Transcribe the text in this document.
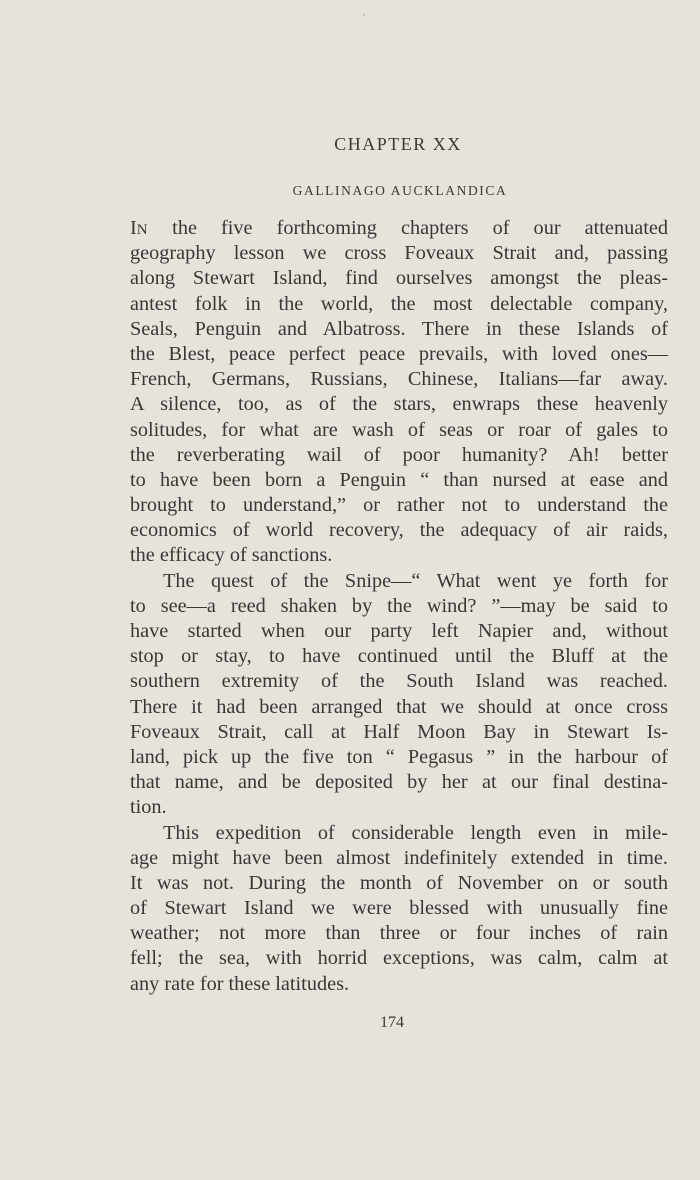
CHAPTER XX
GALLINAGO AUCKLANDICA
IN the five forthcoming chapters of our attenuated
geography lesson we cross Foveaux Strait and, passing
along Stewart Island, find ourselves amongst the pleas-
antest folk in the world, the most delectable company,
Seals, Penguin and Albatross. There in these Islands of
the Blest, peace perfect peace prevails, with loved ones—
French, Germans, Russians, Chinese, Italians—far away.
A silence, too, as of the stars, enwraps these heavenly
solitudes, for what are wash of seas or roar of gales to
the reverberating wail of poor humanity? Ah! better
to have been born a Penguin “ than nursed at ease and
brought to understand,” or rather not to understand the
economics of world recovery, the adequacy of air raids,
the efficacy of sanctions.
The quest of the Snipe—“ What went ye forth for
to see—a reed shaken by the wind? ”—may be said to
have started when our party left Napier and, without
stop or stay, to have continued until the Bluff at the
southern extremity of the South Island was reached.
There it had been arranged that we should at once cross
Foveaux Strait, call at Half Moon Bay in Stewart Is-
land, pick up the five ton “ Pegasus ” in the harbour of
that name, and be deposited by her at our final destina-
tion.
This expedition of considerable length even in mile-
age might have been almost indefinitely extended in time.
It was not. During the month of November on or south
of Stewart Island we were blessed with unusually fine
weather; not more than three or four inches of rain
fell; the sea, with horrid exceptions, was calm, calm at
any rate for these latitudes.
174
